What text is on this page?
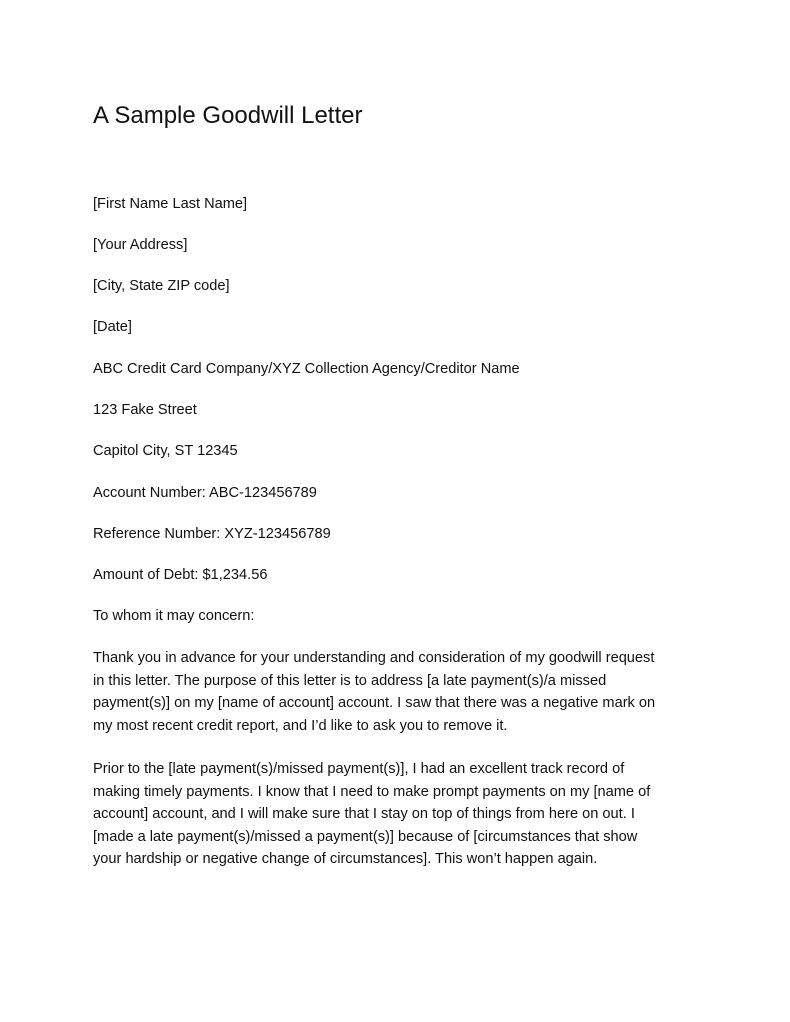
A Sample Goodwill Letter
[First Name Last Name]
[Your Address]
[City, State ZIP code]
[Date]
ABC Credit Card Company/XYZ Collection Agency/Creditor Name
123 Fake Street
Capitol City, ST 12345
Account Number: ABC-123456789
Reference Number: XYZ-123456789
Amount of Debt: $1,234.56
To whom it may concern:
Thank you in advance for your understanding and consideration of my goodwill request
in this letter. The purpose of this letter is to address [a late payment(s)/a missed
payment(s)] on my [name of account] account. I saw that there was a negative mark on
my most recent credit report, and I’d like to ask you to remove it.
Prior to the [late payment(s)/missed payment(s)], I had an excellent track record of
making timely payments. I know that I need to make prompt payments on my [name of
account] account, and I will make sure that I stay on top of things from here on out. I
[made a late payment(s)/missed a payment(s)] because of [circumstances that show
your hardship or negative change of circumstances]. This won’t happen again.
